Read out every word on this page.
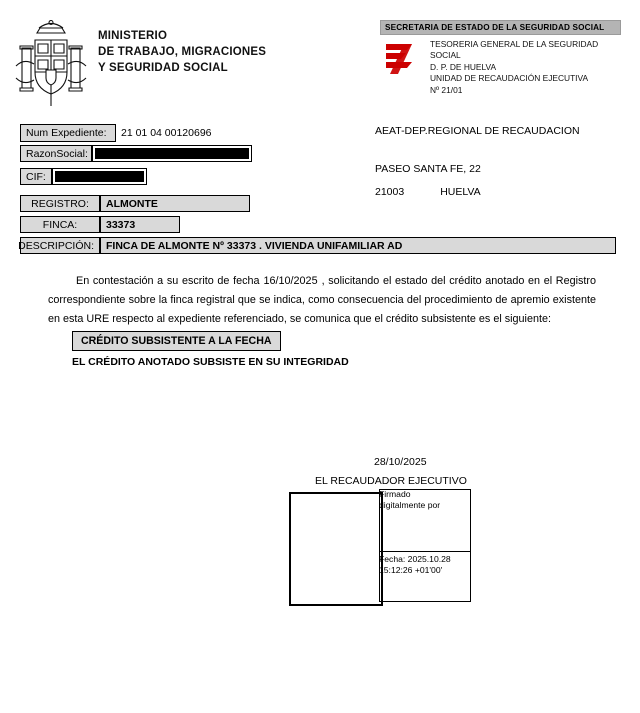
MINISTERIO
DE TRABAJO, MIGRACIONES
Y SEGURIDAD SOCIAL
SECRETARIA DE ESTADO DE LA SEGURIDAD SOCIAL
TESORERIA GENERAL DE LA SEGURIDAD
SOCIAL
D. P. DE HUELVA
UNIDAD DE RECAUDACIÓN EJECUTIVA
Nº 21/01
Num Expediente:	21 01 04 00120696
RazonSocial:
CIF:
REGISTRO:	ALMONTE
FINCA:	33373
DESCRIPCIÓN:	FINCA DE ALMONTE Nº 33373 . VIVIENDA UNIFAMILIAR AD
AEAT-DEP.REGIONAL DE RECAUDACION
PASEO SANTA FE, 22
21003	HUELVA
En contestación a su escrito de fecha 16/10/2025 , solicitando el estado del crédito anotado en el Registro correspondiente sobre la finca registral que se indica, como consecuencia del procedimiento de apremio existente en esta URE respecto al expediente referenciado, se comunica que el crédito subsistente es el siguiente:
CRÉDITO SUBSISTENTE A LA FECHA
EL CRÉDITO ANOTADO SUBSISTE EN SU INTEGRIDAD
28/10/2025
EL RECAUDADOR EJECUTIVO
Firmado
digitalmente por
Fecha: 2025.10.28
15:12:26 +01'00'
